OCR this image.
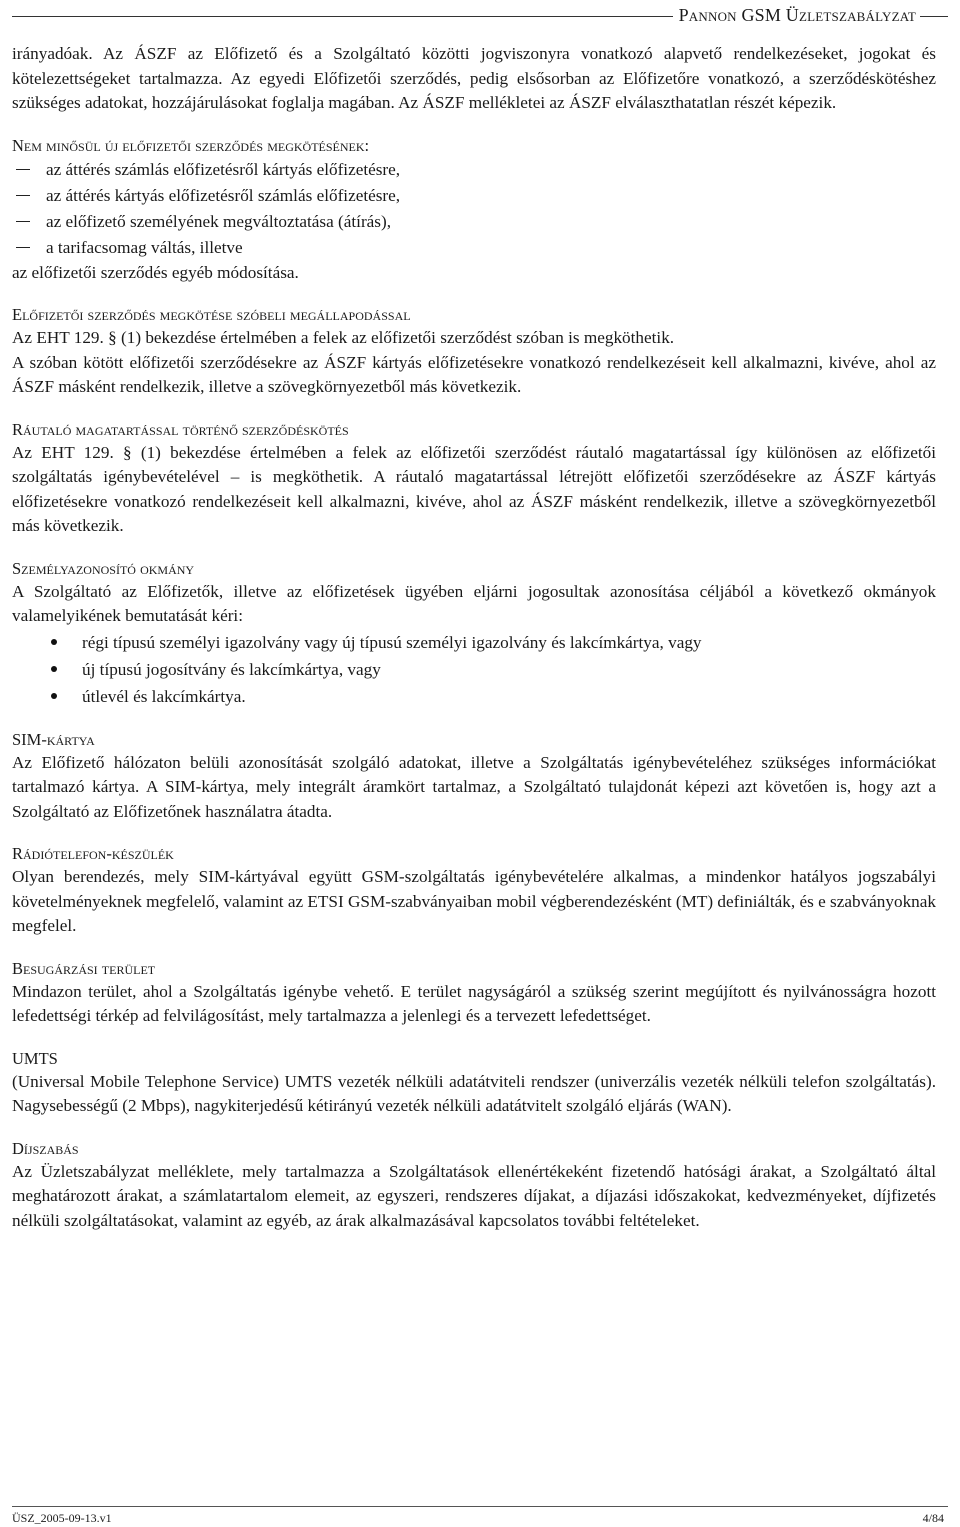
Pannon GSM Üzletszabályzat

irányadóak. Az ÁSZF az Előfizető és a Szolgáltató közötti jogviszonyra vonatkozó alapvető rendelkezéseket, jogokat és kötelezettségeket tartalmazza. Az egyedi Előfizetői szerződés, pedig elsősorban az Előfizetőre vonatkozó, a szerződéskötéshez szükséges adatokat, hozzájárulásokat foglalja magában. Az ÁSZF mellékletei az ÁSZF elválaszthatatlan részét képezik.

Nem minősül új előfizetői szerződés megkötésének:
az áttérés számlás előfizetésről kártyás előfizetésre,
az áttérés kártyás előfizetésről számlás előfizetésre,
az előfizető személyének megváltoztatása (átírás),
a tarifacsomag váltás, illetve

az előfizetői szerződés egyéb módosítása.

Előfizetői szerződés megkötése szóbeli megállapodással

Az EHT 129. § (1) bekezdése értelmében a felek az előfizetői szerződést szóban is megköthetik.

A szóban kötött előfizetői szerződésekre az ÁSZF kártyás előfizetésekre vonatkozó rendelkezéseit kell alkalmazni, kivéve, ahol az ÁSZF másként rendelkezik, illetve a szövegkörnyezetből más következik.

Ráutaló magatartással történő szerződéskötés

Az EHT 129. § (1) bekezdése értelmében a felek az előfizetői szerződést ráutaló magatartással így különösen az előfizetői szolgáltatás igénybevételével – is megköthetik. A ráutaló magatartással létrejött előfizetői szerződésekre az ÁSZF kártyás előfizetésekre vonatkozó rendelkezéseit kell alkalmazni, kivéve, ahol az ÁSZF másként rendelkezik, illetve a szövegkörnyezetből más következik.

Személyazonosító okmány

A Szolgáltató az Előfizetők, illetve az előfizetések ügyében eljárni jogosultak azonosítása céljából a következő okmányok valamelyikének bemutatását kéri:

régi típusú személyi igazolvány vagy új típusú személyi igazolvány és lakcímkártya, vagy
új típusú jogosítvány és lakcímkártya, vagy
útlevél és lakcímkártya.
SIM-kártya

Az Előfizető hálózaton belüli azonosítását szolgáló adatokat, illetve a Szolgáltatás igénybevételéhez szükséges információkat tartalmazó kártya. A SIM-kártya, mely integrált áramkört tartalmaz, a Szolgáltató tulajdonát képezi azt követően is, hogy azt a Szolgáltató az Előfizetőnek használatra átadta.

Rádiótelefon-készülék

Olyan berendezés, mely SIM-kártyával együtt GSM-szolgáltatás igénybevételére alkalmas, a mindenkor hatályos jogszabályi követelményeknek megfelelő, valamint az ETSI GSM-szabványaiban mobil végberendezésként (MT) definiálták, és e szabványoknak megfelel.

Besugárzási terület

Mindazon terület, ahol a Szolgáltatás igénybe vehető. E terület nagyságáról a szükség szerint megújított és nyilvánosságra hozott lefedettségi térkép ad felvilágosítást, mely tartalmazza a jelenlegi és a tervezett lefedettséget.

UMTS

(Universal Mobile Telephone Service) UMTS vezeték nélküli adatátviteli rendszer (univerzális vezeték nélküli telefon szolgáltatás). Nagysebességű (2 Mbps), nagykiterjedésű kétirányú vezeték nélküli adatátvitelt szolgáló eljárás (WAN).

Díjszabás

Az Üzletszabályzat melléklete, mely tartalmazza a Szolgáltatások ellenértékeként fizetendő hatósági árakat, a Szolgáltató által meghatározott árakat, a számlatartalom elemeit, az egyszeri, rendszeres díjakat, a díjazási időszakokat, kedvezményeket, díjfizetés nélküli szolgáltatásokat, valamint az egyéb, az árak alkalmazásával kapcsolatos további feltételeket.

ÜSZ_2005-09-13.v1	4/84
